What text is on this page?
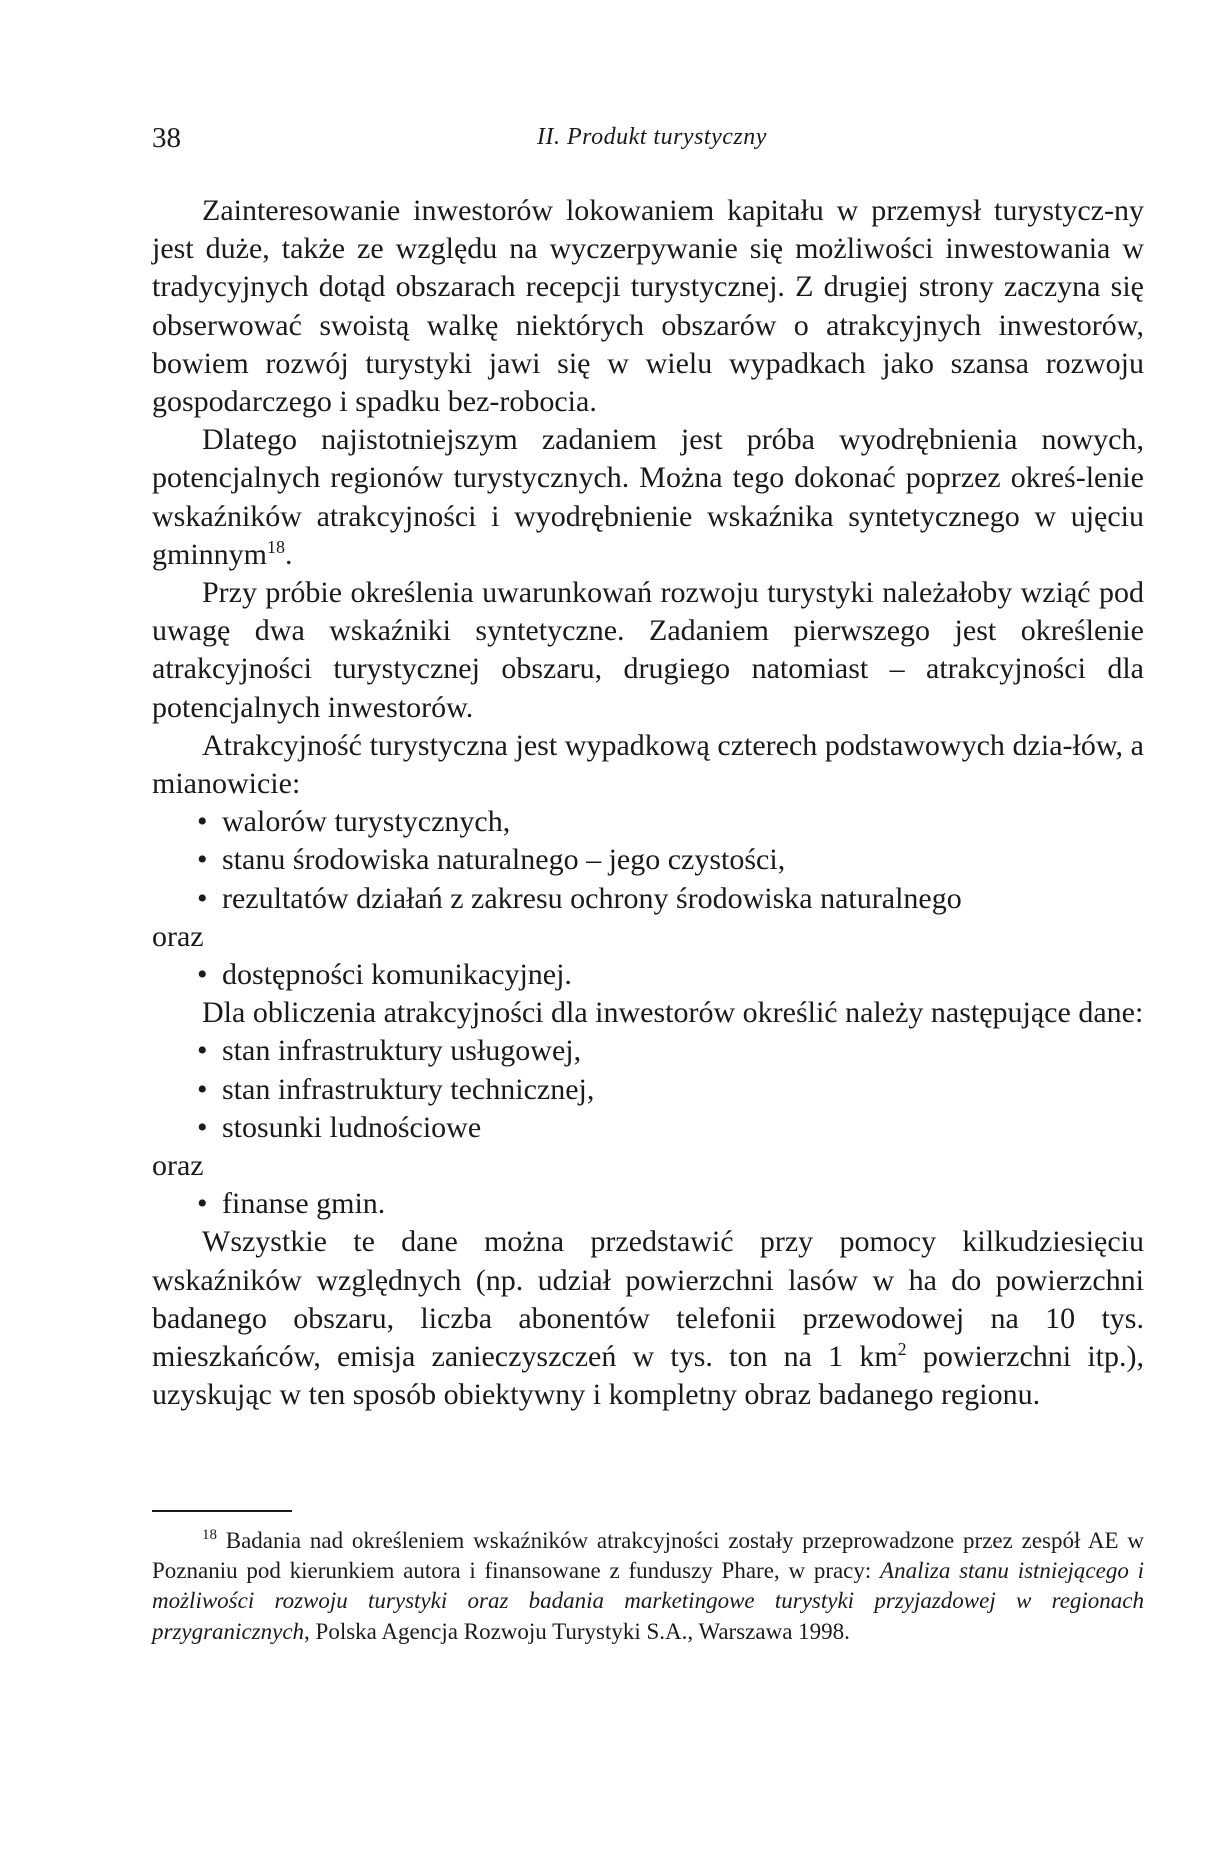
38	II. Produkt turystyczny

Zainteresowanie inwestorów lokowaniem kapitału w przemysł turystycz-ny jest duże, także ze względu na wyczerpywanie się możliwości inwestowania w tradycyjnych dotąd obszarach recepcji turystycznej. Z drugiej strony zaczyna się obserwować swoistą walkę niektórych obszarów o atrakcyjnych inwestorów, bowiem rozwój turystyki jawi się w wielu wypadkach jako szansa rozwoju gospodarczego i spadku bez-robocia.

Dlatego najistotniejszym zadaniem jest próba wyodrębnienia nowych, potencjalnych regionów turystycznych. Można tego dokonać poprzez okreś-lenie wskaźników atrakcyjności i wyodrębnienie wskaźnika syntetycznego w ujęciu gminnym$^{18}$.

Przy próbie określenia uwarunkowań rozwoju turystyki należałoby wziąć pod uwagę dwa wskaźniki syntetyczne. Zadaniem pierwszego jest określenie atrakcyjności turystycznej obszaru, drugiego natomiast – atrakcyjności dla potencjalnych inwestorów.

Atrakcyjność turystyczna jest wypadkową czterech podstawowych dzia-łów, a mianowicie:

• walorów turystycznych,
• stanu środowiska naturalnego – jego czystości,
• rezultatów działań z zakresu ochrony środowiska naturalnego

oraz

• dostępności komunikacyjnej.

Dla obliczenia atrakcyjności dla inwestorów określić należy następujące dane:

• stan infrastruktury usługowej,
• stan infrastruktury technicznej,
• stosunki ludnościowe

oraz

• finanse gmin.

Wszystkie te dane można przedstawić przy pomocy kilkudziesięciu wskaźników względnych (np. udział powierzchni lasów w ha do powierzchni badanego obszaru, liczba abonentów telefonii przewodowej na 10 tys. mieszkańców, emisja zanieczyszczeń w tys. ton na 1 $km^2$ powierzchni itp.), uzyskując w ten sposób obiektywny i kompletny obraz badanego regionu.

$^{18}$ Badania nad określeniem wskaźników atrakcyjności zostały przeprowadzone przez zespół AE w Poznaniu pod kierunkiem autora i finansowane z funduszy Phare, w pracy: Analiza stanu istniejącego i możliwości rozwoju turystyki oraz badania marketingowe turystyki przyjazdowej w regionach przygranicznych, Polska Agencja Rozwoju Turystyki S.A., Warszawa 1998.
